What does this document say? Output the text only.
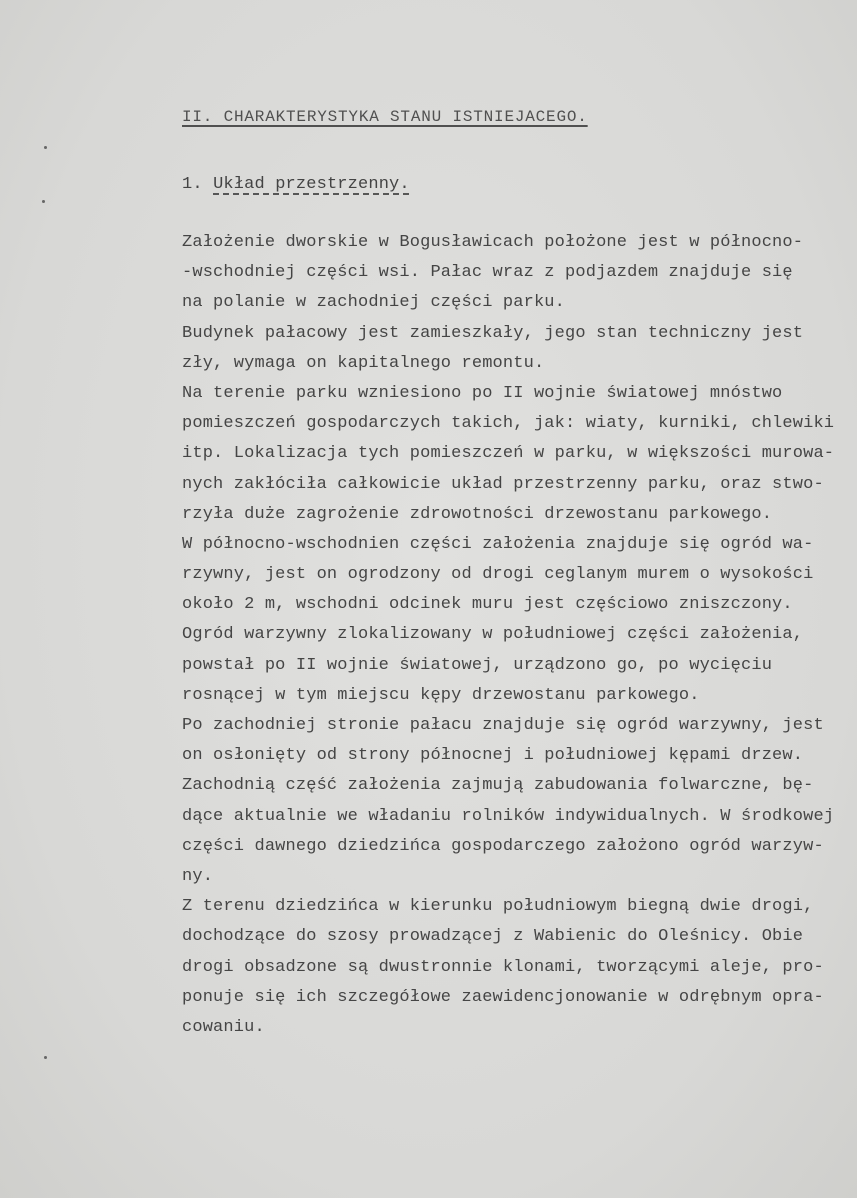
II. CHARAKTERYSTYKA STANU ISTNIEJACEGO.
1. Układ przestrzenny.
Założenie dworskie w Bogusławicach położone jest w północno-
-wschodniej części wsi. Pałac wraz z podjazdem znajduje się
na polanie w zachodniej części parku.
Budynek pałacowy jest zamieszkały, jego stan techniczny jest
zły, wymaga on kapitalnego remontu.
Na terenie parku wzniesiono po II wojnie światowej mnóstwo
pomieszczeń gospodarczych takich, jak: wiaty, kurniki, chlewiki
itp. Lokalizacja tych pomieszczeń w parku, w większości murowa-
nych zakłóciła całkowicie układ przestrzenny parku, oraz stwo-
rzyła duże zagrożenie zdrowotności drzewostanu parkowego.
W północno-wschodnien części założenia znajduje się ogród wa-
rzywny, jest on ogrodzony od drogi ceglanym murem o wysokości
około 2 m, wschodni odcinek muru jest częściowo zniszczony.
Ogród warzywny zlokalizowany w południowej części założenia,
powstał po II wojnie światowej, urządzono go, po wycięciu
rosnącej w tym miejscu kępy drzewostanu parkowego.
Po zachodniej stronie pałacu znajduje się ogród warzywny, jest
on osłonięty od strony północnej i południowej kępami drzew.
Zachodnią część założenia zajmują zabudowania folwarczne, bę-
dące aktualnie we władaniu rolników indywidualnych. W środkowej
części dawnego dziedzińca gospodarczego założono ogród warzyw-
ny.
Z terenu dziedzińca w kierunku południowym biegną dwie drogi,
dochodzące do szosy prowadzącej z Wabienic do Oleśnicy. Obie
drogi obsadzone są dwustronnie klonami, tworzącymi aleje, pro-
ponuje się ich szczegółowe zaewidencjonowanie w odrębnym opra-
cowaniu.
